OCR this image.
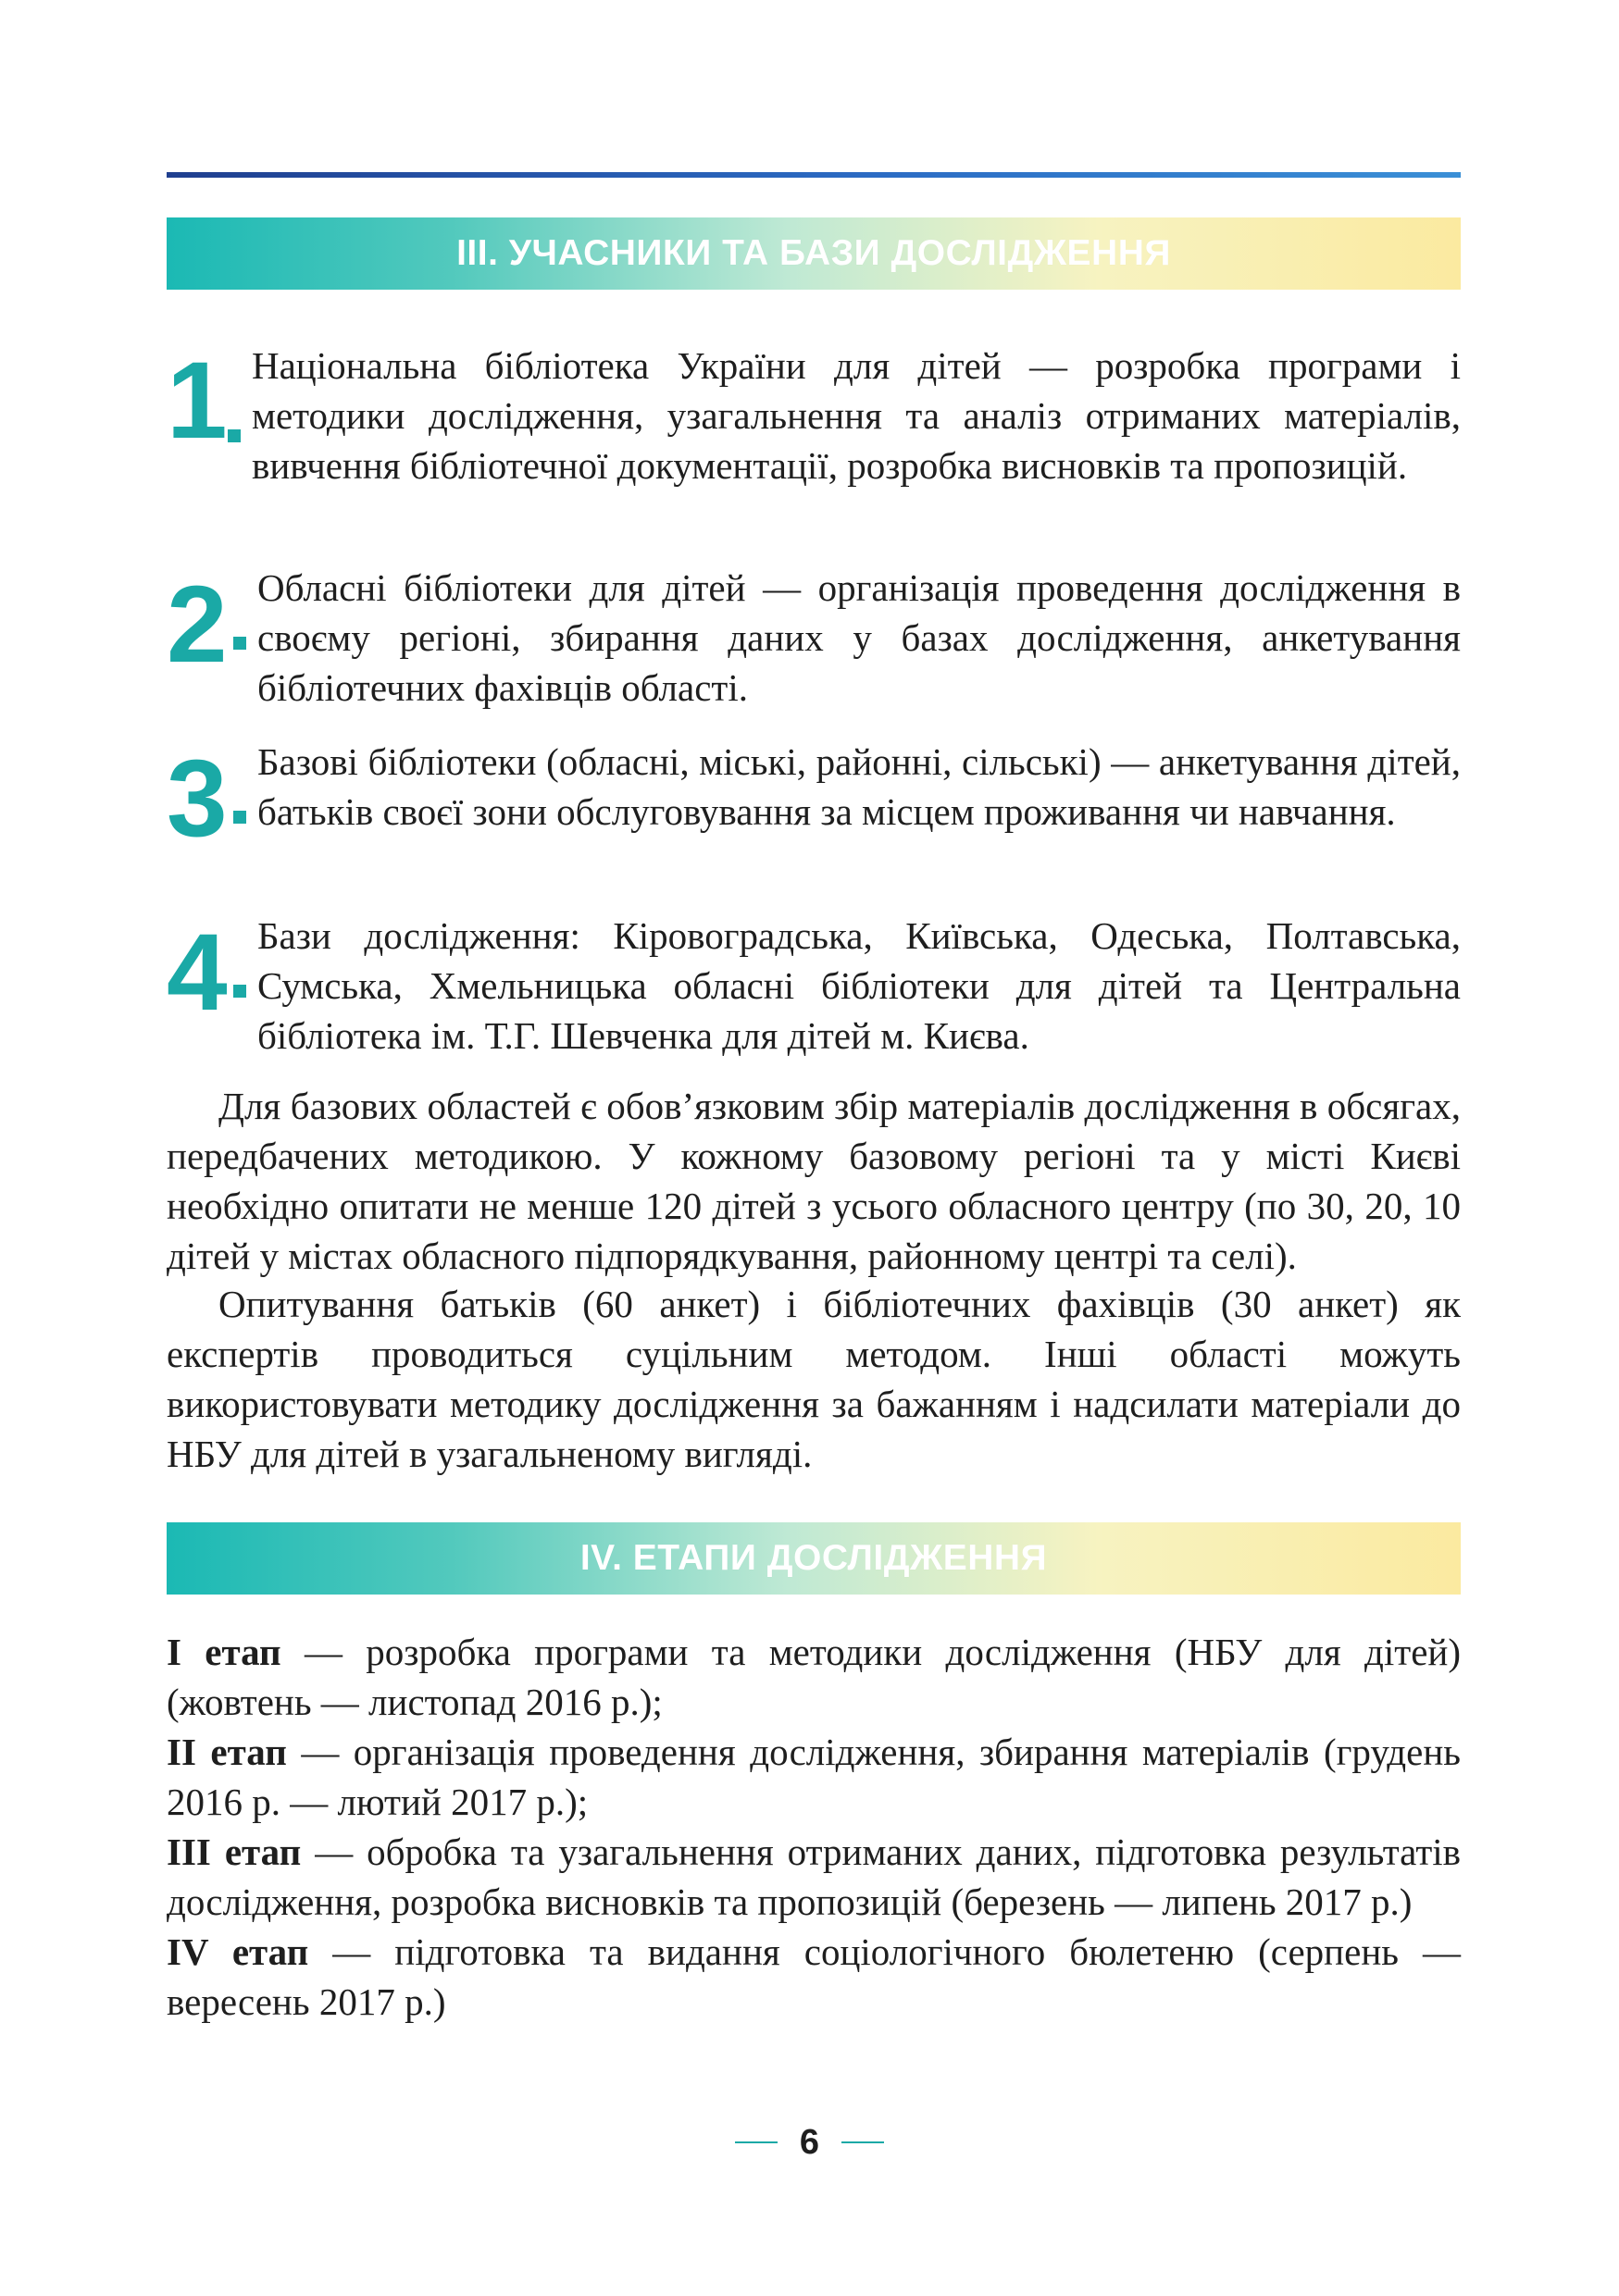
III. УЧАСНИКИ ТА БАЗИ ДОСЛІДЖЕННЯ
1 Національна бібліотека України для дітей — розробка програми і методики дослідження, узагальнення та аналіз отриманих матеріалів, вивчення бібліотечної документації, розробка висновків та пропозицій.
2 Обласні бібліотеки для дітей — організація проведення дослідження в своєму регіоні, збирання даних у базах дослідження, анкетування бібліотечних фахівців області.
3 Базові бібліотеки (обласні, міські, районні, сільські) — анкетування дітей, батьків своєї зони обслуговування за місцем проживання чи навчання.
4 Бази дослідження: Кіровоградська, Київська, Одеська, Полтавська, Сумська, Хмельницька обласні бібліотеки для дітей та Центральна бібліотека ім. Т.Г. Шевченка для дітей м. Києва.

Для базових областей є обов’язковим збір матеріалів дослідження в обсягах, передбачених методикою. У кожному базовому регіоні та у місті Києві необхідно опитати не менше 120 дітей з усього обласного центру (по 30, 20, 10 дітей у містах обласного підпорядкування, районному центрі та селі).

Опитування батьків (60 анкет) і бібліотечних фахівців (30 анкет) як експертів проводиться суцільним методом. Інші області можуть використовувати методику дослідження за бажанням і надсилати матеріали до НБУ для дітей в узагальненому вигляді.

IV. ЕТАПИ ДОСЛІДЖЕННЯ

І етап — розробка програми та методики дослідження (НБУ для дітей) (жовтень — листопад 2016 р.);

ІІ етап — організація проведення дослідження, збирання матеріалів (грудень 2016 р. — лютий 2017 р.);

ІІІ етап — обробка та узагальнення отриманих даних, підготовка результатів дослідження, розробка висновків та пропозицій (березень — липень 2017 р.)

IV етап — підготовка та видання соціологічного бюлетеню (серпень — вересень 2017 р.)

6
